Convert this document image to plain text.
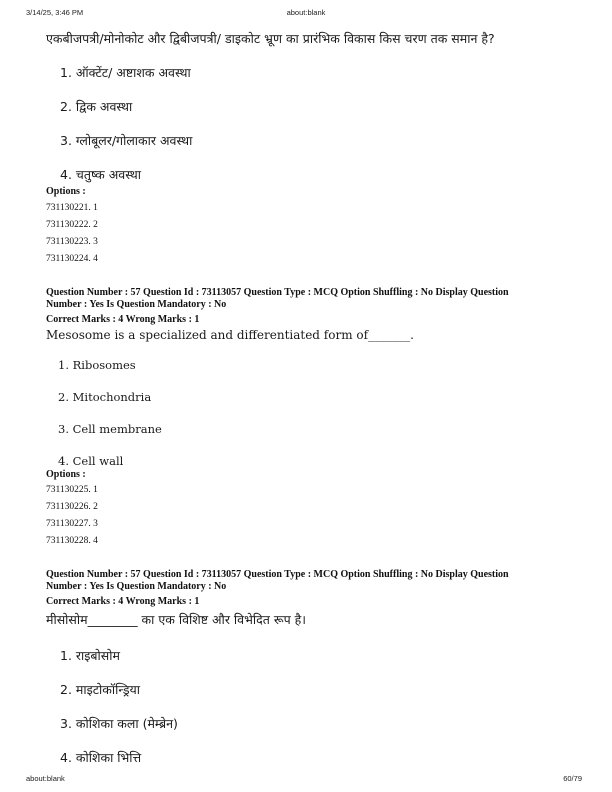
3/14/25, 3:46 PM	about:blank
एकबीजपत्री/मोनोकोट और द्विबीजपत्री/ डाइकोट भ्रूण का प्रारंभिक विकास किस चरण तक समान है?
1. ऑक्टेंट/ अष्टाशक अवस्था
2. द्विक अवस्था
3. ग्लोबूलर/गोलाकार अवस्था
4. चतुष्क अवस्था
Options :
731130221. 1
731130222. 2
731130223. 3
731130224. 4
Question Number : 57 Question Id : 73113057 Question Type : MCQ Option Shuffling : No Display Question
Number : Yes Is Question Mandatory : No
Correct Marks : 4 Wrong Marks : 1
Mesosome is a specialized and differentiated form of_______.
1. Ribosomes
2. Mitochondria
3. Cell membrane
4. Cell wall
Options :
731130225. 1
731130226. 2
731130227. 3
731130228. 4
Question Number : 57 Question Id : 73113057 Question Type : MCQ Option Shuffling : No Display Question
Number : Yes Is Question Mandatory : No
Correct Marks : 4 Wrong Marks : 1
मीसोसोम________ का एक विशिष्ट और विभेदित रूप है।
1. राइबोसोम
2. माइटोकॉन्ड्रिया
3. कोशिका कला (मेम्ब्रेन)
4. कोशिका भित्ति
about:blank	60/79
